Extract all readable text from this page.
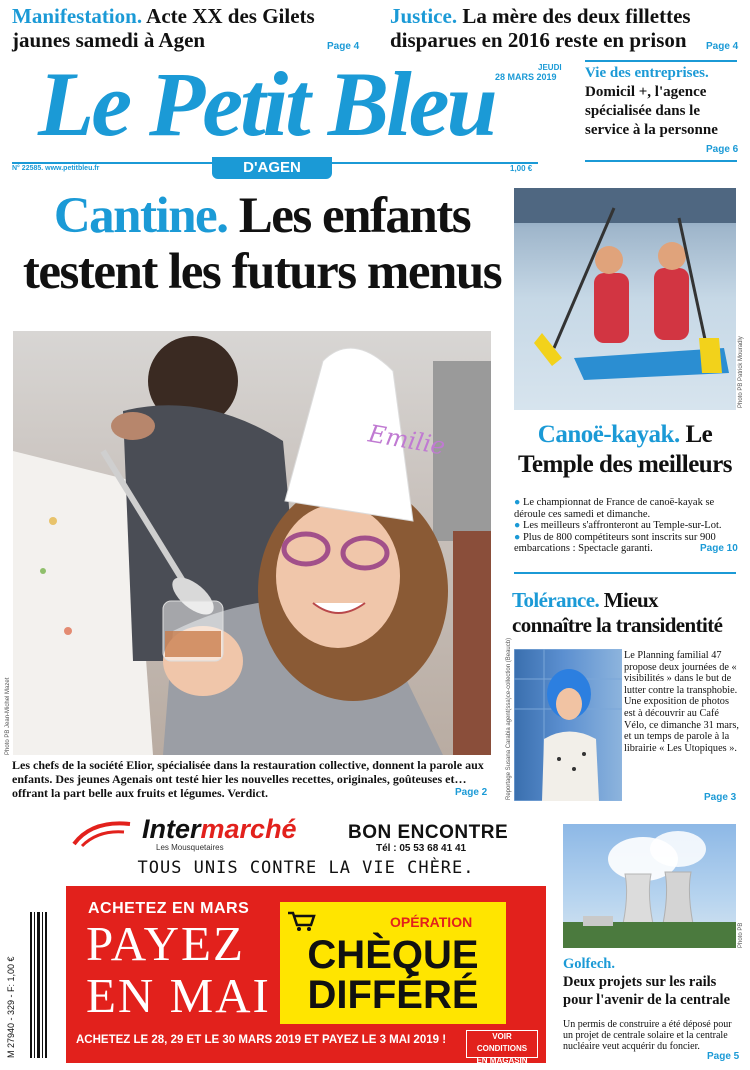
Manifestation. Acte XX des Gilets
jaunes samedi à Agen	Page 4
Justice. La mère des deux fillettes
disparues en 2016 reste en prison	Page 4
Le Petit Bleu	JEUDI
28 MARS 2019
N° 22585. www.petitbleu.fr	1,00 €
D'AGEN
Vie des entreprises.
Domicil +, l'agence
spécialisée dans le
service à la personne
Page 6
Cantine. Les enfants
testent les futurs menus
Emilie
Photo PB Jean-Michel Mazet
Les chefs de la société Elior, spécialisée dans la restauration collective, donnent la parole aux enfants. Des jeunes Agenais ont testé hier les nouvelles recettes, originales, goûteuses et… offrant la part belle aux fruits et légumes. Verdict.	Page 2
Photo PB Patrick Mouradly
Canoë-kayak. Le
Temple des meilleurs
● Le championnat de France de canoë-kayak se déroule ces samedi et dimanche.
● Les meilleurs s'affronteront au Temple-sur-Lot.
● Plus de 800 compétiteurs sont inscrits sur 900 embarcations : Spectacle garanti.	Page 10
Tolérance. Mieux
connaître la transidentité
Reportage Susana Carabia agent(ssa)ce-collection (Beaucb)	Le Planning familial 47 propose deux journées de « visibilités » dans le but de lutter contre la transphobie. Une exposition de photos est à découvrir au Café Vélo, ce dimanche 31 mars, et un temps de parole à la librairie « Les Utopiques ».
Page 3
Photo PB
Golfech.
Deux projets sur les rails
pour l'avenir de la centrale
Un permis de construire a été déposé pour un projet de centrale solaire et la centrale nucléaire veut acquérir du foncier.
Page 5
Intermarché
Les Mousquetaires
BON ENCONTRE
Tél : 05 53 68 41 41
TOUS UNIS CONTRE LA VIE CHÈRE.
ACHETEZ EN MARS
PAYEZ
EN MAI
OPÉRATION
CHÈQUE
DIFFÉRÉ
ACHETEZ LE 28, 29 ET LE 30 MARS 2019 ET PAYEZ LE 3 MAI 2019 !	VOIR CONDITIONS
EN MAGASIN
M 27940 - 329 - F: 1,00 €
